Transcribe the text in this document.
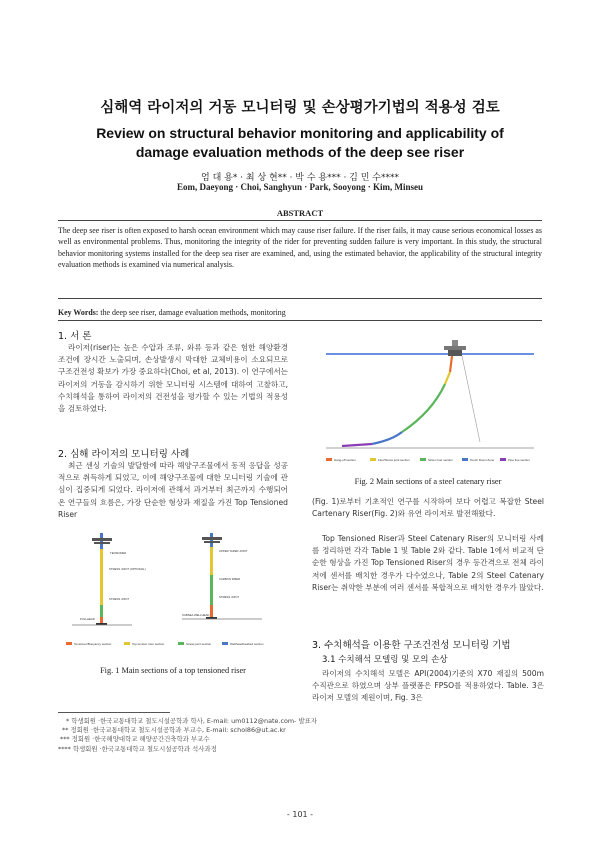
심해역 라이저의 거동 모니터링 및 손상평가기법의 적용성 검토
Review on structural behavior monitoring and applicability of
damage evaluation methods of the deep see riser
엄 대 용* · 최 상 현** · 박 수 용*** · 김 민 수****
Eom, Daeyong · Choi, Sanghyun · Park, Sooyong · Kim, Minseu
ABSTRACT
The deep see riser is often exposed to harsh ocean environment which may cause riser failure. If the riser fails, it may cause serious economical losses as well as environmental problems. Thus, monitoring the integrity of the rider for preventing sudden failure is very important. In this study, the structural behavior monitoring systems installed for the deep sea riser are examined, and, using the estimated behavior, the applicability of the structural integrity evaluation methods is examined via numerical analysis.
Key Words: the deep see riser, damage evaluation methods, monitoring
1. 서 론
라이저(riser)는 높은 수압과 조류, 와류 등과 같은 험한 해양환경 조건에 장시간 노출되며, 손상발생시 막대한 교체비용이 소요되므로 구조건전성 확보가 가장 중요하다(Choi, et al, 2013). 이 연구에서는 라이저의 거동을 감시하기 위한 모니터링 시스템에 대하여 고찰하고, 수치해석을 통하여 라이저의 건전성을 평가할 수 있는 기법의 적용성을 검토하였다.
2. 심해 라이저의 모니터링 사례
최근 센싱 기술의 발달함에 따라 해양구조물에서 동적 응답을 성공적으로 취득하게 되었고, 이에 해양구조물에 대한 모니터링 기술에 관심이 집중되게 되었다. 라이저에 관해서 과거부터 최근까지 수행되어온 연구들의 흐름은, 가장 단순한 형상과 재질을 가진 Top Tensioned Riser
TENSIONER
STRESS JOINT (OPTIONAL)
STRESS JOINT
PULLHEAD
UPPER TAPER JOINT
CARBON FIBER
STRESS JOINT
SUBSEA WELLHEAD
Tensioner/Buoyancy section	Top tension riser section	Stress joint section	Wellhead/seabed section
Fig. 1 Main sections of a top tensioned riser
Hang-off section	Flex/Stress joint section	Sinter riser section	Touch Down Zone	Pipe line section
Fig. 2 Main sections of a steel catenary riser
(Fig. 1)로부터 기초적인 연구를 시작하여 보다 어렵고 복잡한 Steel Cartenary Riser(Fig. 2)와 유연 라이저로 발전해왔다.
Top Tensioned Riser과 Steel Catenary Riser의 모니터링 사례를 정리하면 각각 Table 1 및 Table 2와 같다. Table 1에서 비교적 단순한 형상을 가진 Top Tensioned Riser의 경우 등간격으로 전체 라이저에 센서를 배치한 경우가 다수였으나, Table 2의 Steel Catenary Riser는 취약한 부분에 여러 센서를 복합적으로 배치한 경우가 많았다.
3. 수치해석을 이용한 구조건전성 모니터링 기법
3.1 수치해석 모델링 및 모의 손상
라이저의 수치해석 모델은 API(2004)기준의 X70 재질의 500m 수직관으로 하였으며 상부 플랫폼은 FPSO를 적용하였다. Table. 3은 라이저 모델의 제원이며, Fig. 3은
* 학생회원 ·한국교통대학교 철도시설공학과 학사, E-mail: um0112@nate.com- 발표자
** 정회원 ·한국교통대학교 철도시설공학과 부교수, E-mail: schoi86@ut.ac.kr
*** 정회원 ·한국해양대학교 해양공간건축학과 부교수
**** 학생회원 ·한국교통대학교 철도시설공학과 석사과정
- 101 -
